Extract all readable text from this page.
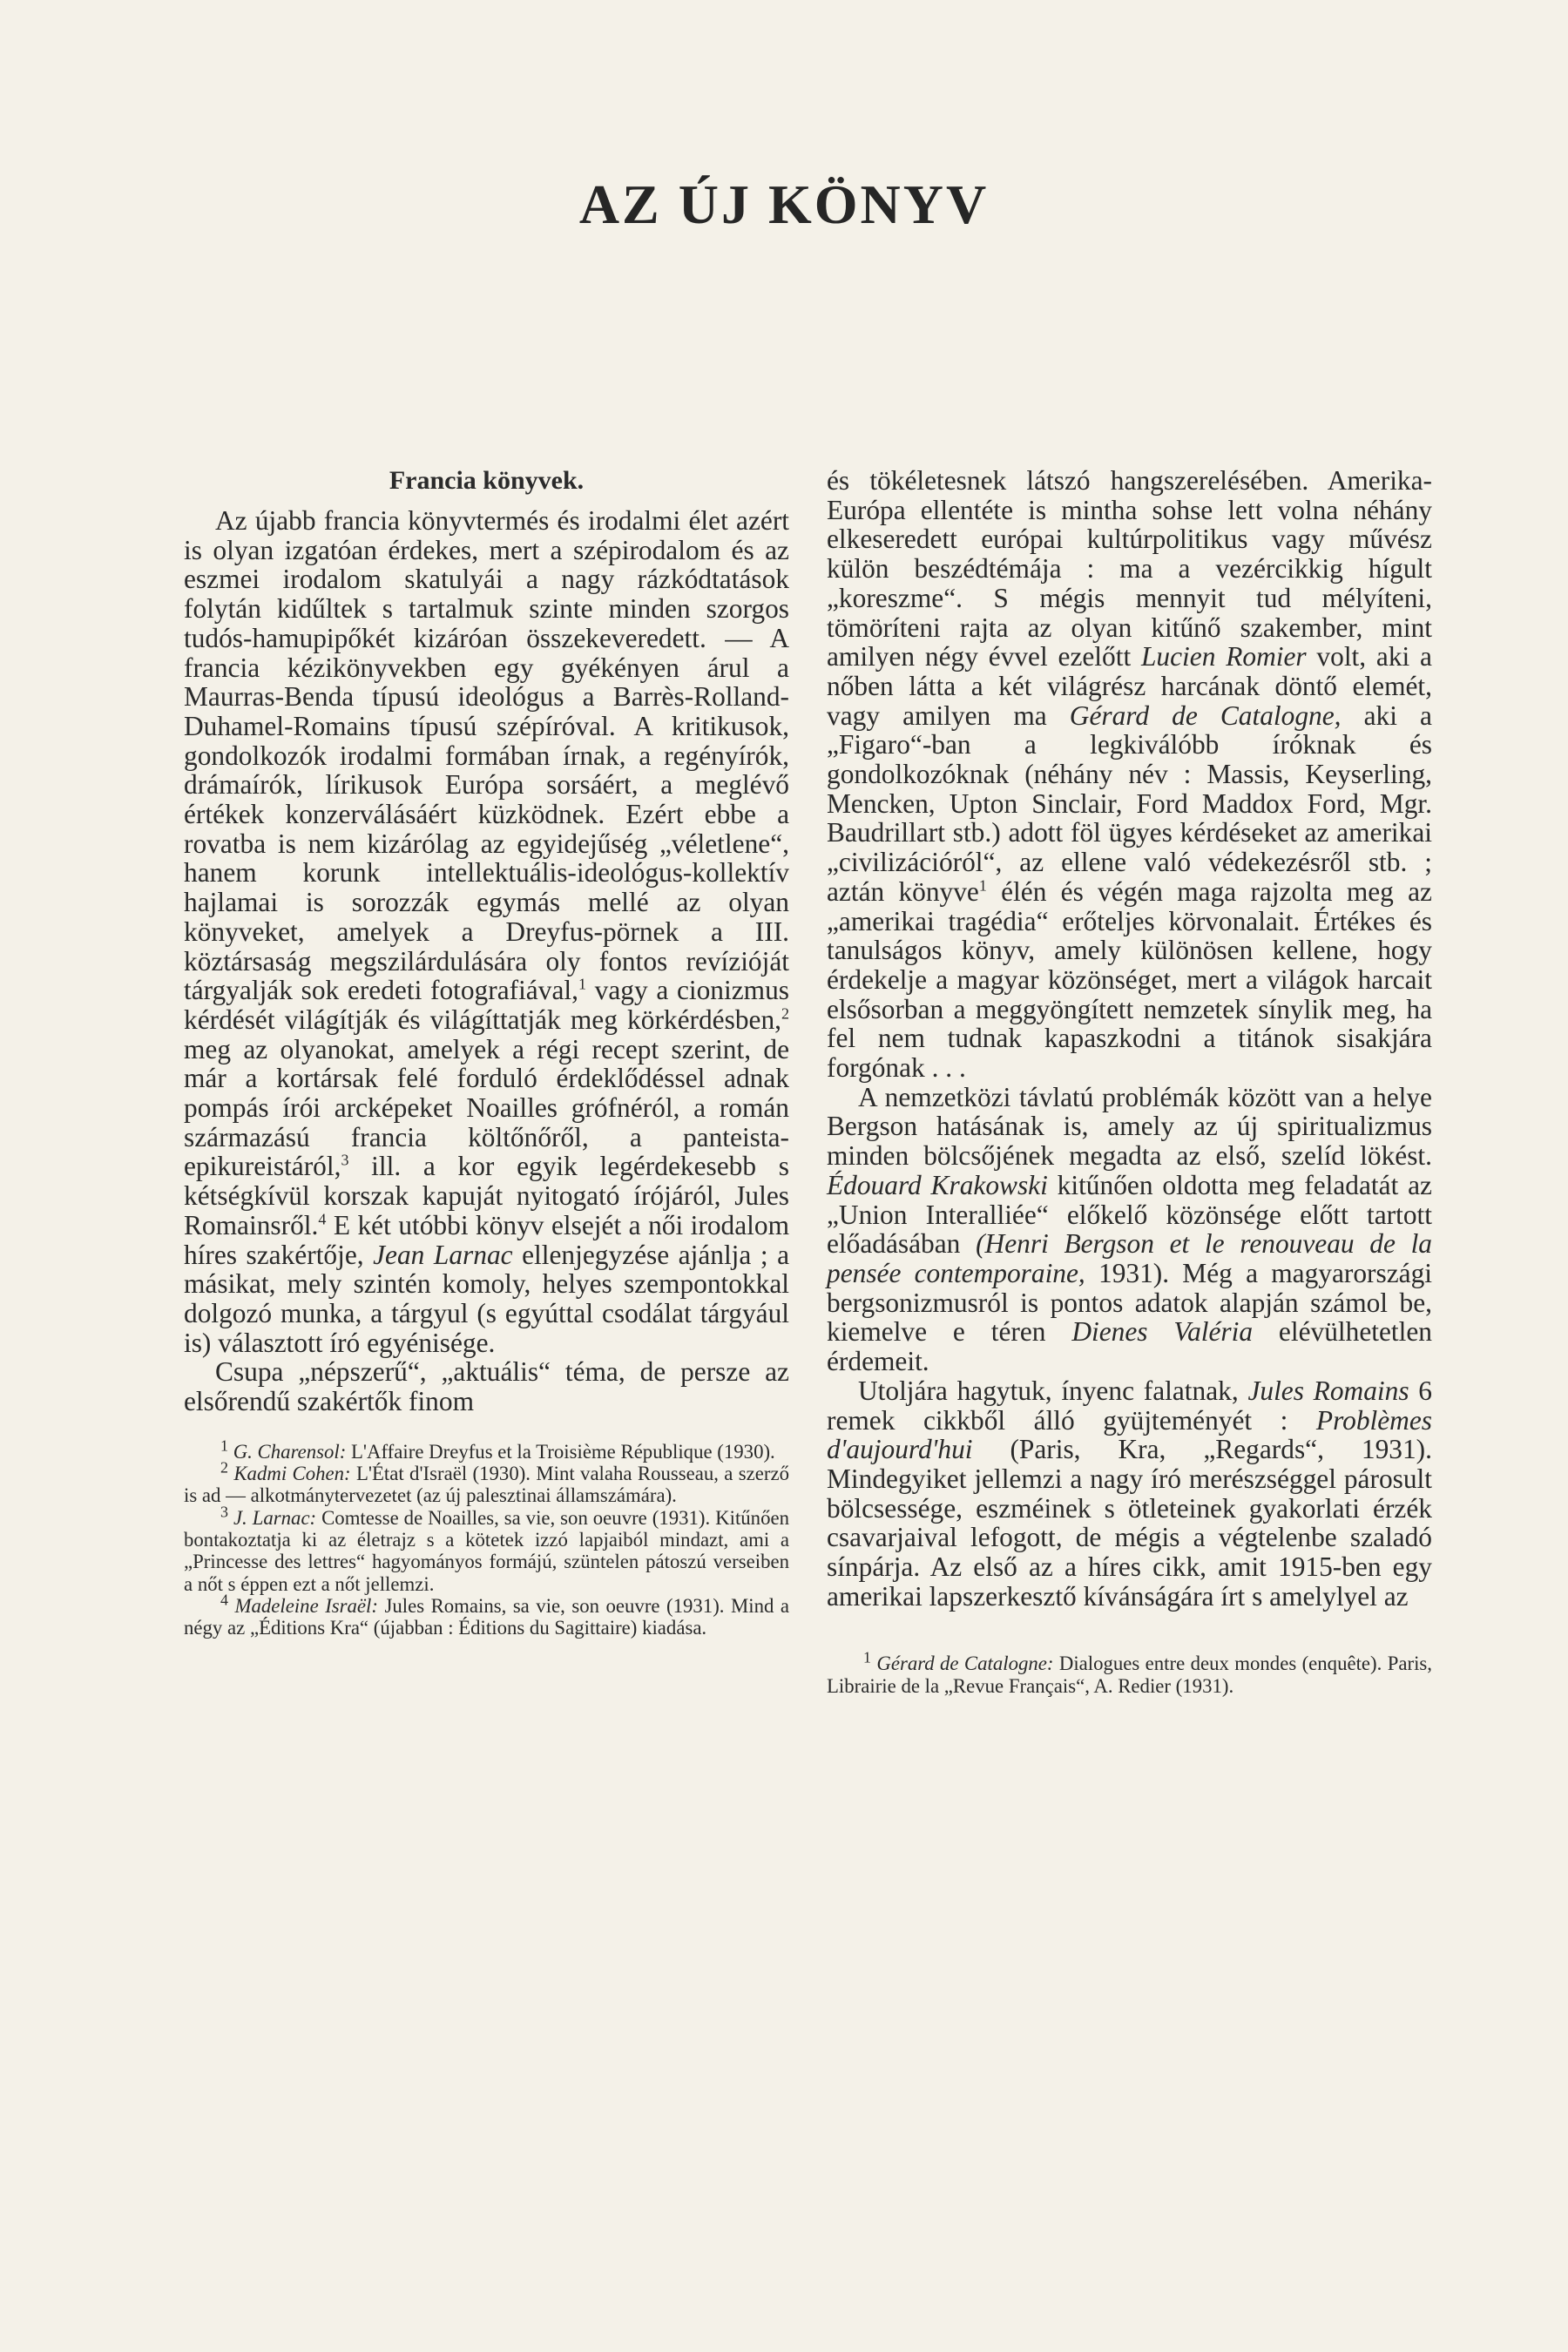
AZ ÚJ KÖNYV
Francia könyvek.

Az újabb francia könyvtermés és irodalmi élet azért is olyan izgatóan érdekes, mert a szépirodalom és az eszmei irodalom skatulyái a nagy rázkódtatások folytán kidűltek s tartalmuk szinte minden szorgos tudós-hamupipőkét kizáróan összekeveredett. — A francia kézikönyvekben egy gyékényen árul a Maurras-Benda típusú ideológus a Barrès-Rolland-Duhamel-Romains típusú szépíróval. A kritikusok, gondolkozók irodalmi formában írnak, a regényírók, drámaírók, lírikusok Európa sorsáért, a meglévő értékek konzerválásáért küzködnek. Ezért ebbe a rovatba is nem kizárólag az egyidejűség „véletlene“, hanem korunk intellektuális-ideológus-kollektív hajlamai is sorozzák egymás mellé az olyan könyveket, amelyek a Dreyfus-pörnek a III. köztársaság megszilárdulására oly fontos revízióját tárgyalják sok eredeti fotografiával,$^1$ vagy a cionizmus kérdését világítják és világíttatják meg körkérdésben,$^2$ meg az olyanokat, amelyek a régi recept szerint, de már a kortársak felé forduló érdeklődéssel adnak pompás írói arcképeket Noailles grófnéról, a román származású francia költőnőről, a panteista-epikureistáról,$^3$ ill. a kor egyik legérdekesebb s kétségkívül korszak kapuját nyitogató írójáról, Jules Romainsről.$^4$ E két utóbbi könyv elsejét a női irodalom híres szakértője, Jean Larnac ellenjegyzése ajánlja ; a másikat, mely szintén komoly, helyes szempontokkal dolgozó munka, a tárgyul (s egyúttal csodálat tárgyául is) választott író egyénisége.

Csupa „népszerű“, „aktuális“ téma, de persze az elsőrendű szakértők finom

$^1$ G. Charensol: L'Affaire Dreyfus et la Troisième République (1930).

$^2$ Kadmi Cohen: L'État d'Israël (1930). Mint valaha Rousseau, a szerző is ad — alkotmánytervezetet (az új palesztinai államszámára).

$^3$ J. Larnac: Comtesse de Noailles, sa vie, son oeuvre (1931). Kitűnően bontakoztatja ki az életrajz s a kötetek izzó lapjaiból mindazt, ami a „Princesse des lettres“ hagyományos formájú, szüntelen pátoszú verseiben a nőt s éppen ezt a nőt jellemzi.

$^4$ Madeleine Israël: Jules Romains, sa vie, son oeuvre (1931). Mind a négy az „Éditions Kra“ (újabban : Éditions du Sagittaire) kiadása.

és tökéletesnek látszó hangszerelésében. Amerika-Európa ellentéte is mintha sohse lett volna néhány elkeseredett európai kultúrpolitikus vagy művész külön beszédtémája : ma a vezércikkig hígult „koreszme“. S mégis mennyit tud mélyíteni, tömöríteni rajta az olyan kitűnő szakember, mint amilyen négy évvel ezelőtt Lucien Romier volt, aki a nőben látta a két világrész harcának döntő elemét, vagy amilyen ma Gérard de Catalogne, aki a „Figaro“-ban a legkiválóbb íróknak és gondolkozóknak (néhány név : Massis, Keyserling, Mencken, Upton Sinclair, Ford Maddox Ford, Mgr. Baudrillart stb.) adott föl ügyes kérdéseket az amerikai „civilizációról“, az ellene való védekezésről stb. ; aztán könyve$^1$ élén és végén maga rajzolta meg az „amerikai tragédia“ erőteljes körvonalait. Értékes és tanulságos könyv, amely különösen kellene, hogy érdekelje a magyar közönséget, mert a világok harcait elsősorban a meggyöngített nemzetek sínylik meg, ha fel nem tudnak kapaszkodni a titánok sisakjára forgónak . . .

A nemzetközi távlatú problémák között van a helye Bergson hatásának is, amely az új spiritualizmus minden bölcsőjének megadta az első, szelíd lökést. Édouard Krakowski kitűnően oldotta meg feladatát az „Union Interalliée“ előkelő közönsége előtt tartott előadásában (Henri Bergson et le renouveau de la pensée contemporaine, 1931). Még a magyarországi bergsonizmusról is pontos adatok alapján számol be, kiemelve e téren Dienes Valéria elévülhetetlen érdemeit.

Utoljára hagytuk, ínyenc falatnak, Jules Romains 6 remek cikkből álló gyüjteményét : Problèmes d'aujourd'hui (Paris, Kra, „Regards“, 1931). Mindegyiket jellemzi a nagy író merészséggel párosult bölcsessége, eszméinek s ötleteinek gyakorlati érzék csavarjaival lefogott, de mégis a végtelenbe szaladó sínpárja. Az első az a híres cikk, amit 1915-ben egy amerikai lapszerkesztő kívánságára írt s amelylyel az

$^1$ Gérard de Catalogne: Dialogues entre deux mondes (enquête). Paris, Librairie de la „Revue Français“, A. Redier (1931).
